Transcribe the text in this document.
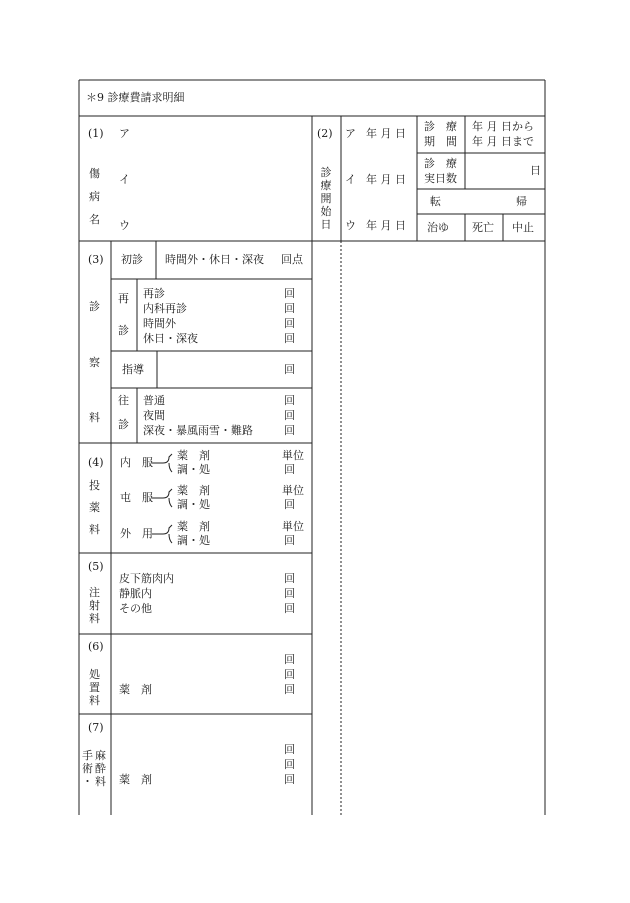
＊9 診療費請求明細
(1)
傷
病
名
ア
イ
ウ
(2)
診療開始日
ア 年 月 日
イ 年 月 日
ウ 年 月 日
診　療
期　間
年 月 日から
年 月 日まで
診　療
実日数
日
転	帰
治ゆ 死亡 中止
(3)
診
察
料
初診 時間外・休日・深夜 回点
再
診
再診
内科再診
時間外
休日・深夜
回
回
回
回
指導	回
往
診
普通
夜間
深夜・暴風雨雪・難路
回
回
回
(4)
投
薬
料
内　服
薬　剤
調・処
単位
回
屯　服
薬　剤
調・処
単位
回
外　用
薬　剤
調・処
単位
回
(5)
注
射
料
皮下筋肉内
静脈内
その他
回
回
回
(6)
処
置
料
薬　剤
回
回
回
(7)
手
術
・
麻
酔
料 薬　剤
回
回
回
